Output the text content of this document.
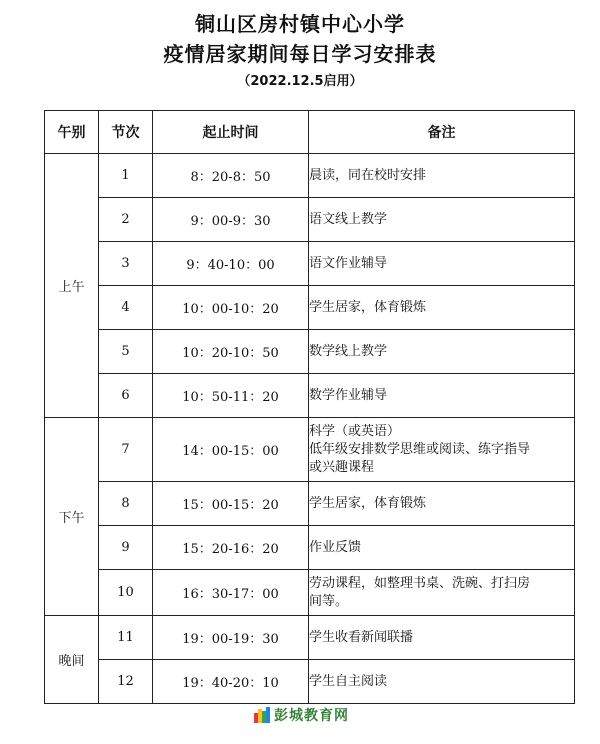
铜山区房村镇中心小学
疫情居家期间每日学习安排表
（2022.12.5启用）
午别	节次	起止时间	备注
上午	1	8：20-8：50	晨读，同在校时安排
	2	9：00-9：30	语文线上教学
	3	9：40-10：00	语文作业辅导
	4	10：00-10：20	学生居家，体育锻炼
	5	10：20-10：50	数学线上教学
	6	10：50-11：20	数学作业辅导
下午	7	14：00-15：00	科学（或英语）
低年级安排数学思维或阅读、练字指导
或兴趣课程

	8	15：00-15：20	学生居家，体育锻炼
	9	15：20-16：20	作业反馈
	10	16：30-17：00	劳动课程，如整理书桌、洗碗、打扫房
间等。

晚间	11	19：00-19：30	学生收看新闻联播
	12	19：40-20：10	学生自主阅读
彭城教育网
